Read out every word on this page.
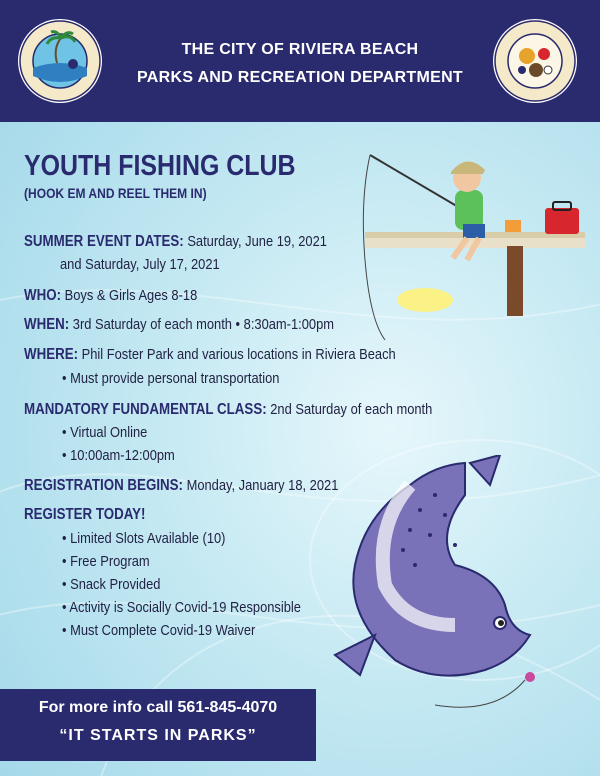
THE CITY OF RIVIERA BEACH
PARKS AND RECREATION DEPARTMENT
YOUTH FISHING CLUB
(HOOK EM AND REEL THEM IN)
SUMMER EVENT DATES: Saturday, June 19, 2021
and Saturday, July 17, 2021
WHO: Boys & Girls Ages 8-18
WHEN: 3rd Saturday of each month • 8:30am-1:00pm
WHERE: Phil Foster Park and various locations in Riviera Beach
• Must provide personal transportation
MANDATORY FUNDAMENTAL CLASS: 2nd Saturday of each month
• Virtual Online
• 10:00am-12:00pm
REGISTRATION BEGINS: Monday, January 18, 2021
REGISTER TODAY!
• Limited Slots Available (10)
• Free Program
• Snack Provided
• Activity is Socially Covid-19 Responsible
• Must Complete Covid-19 Waiver
For more info call 561-845-4070
“IT STARTS IN PARKS”
